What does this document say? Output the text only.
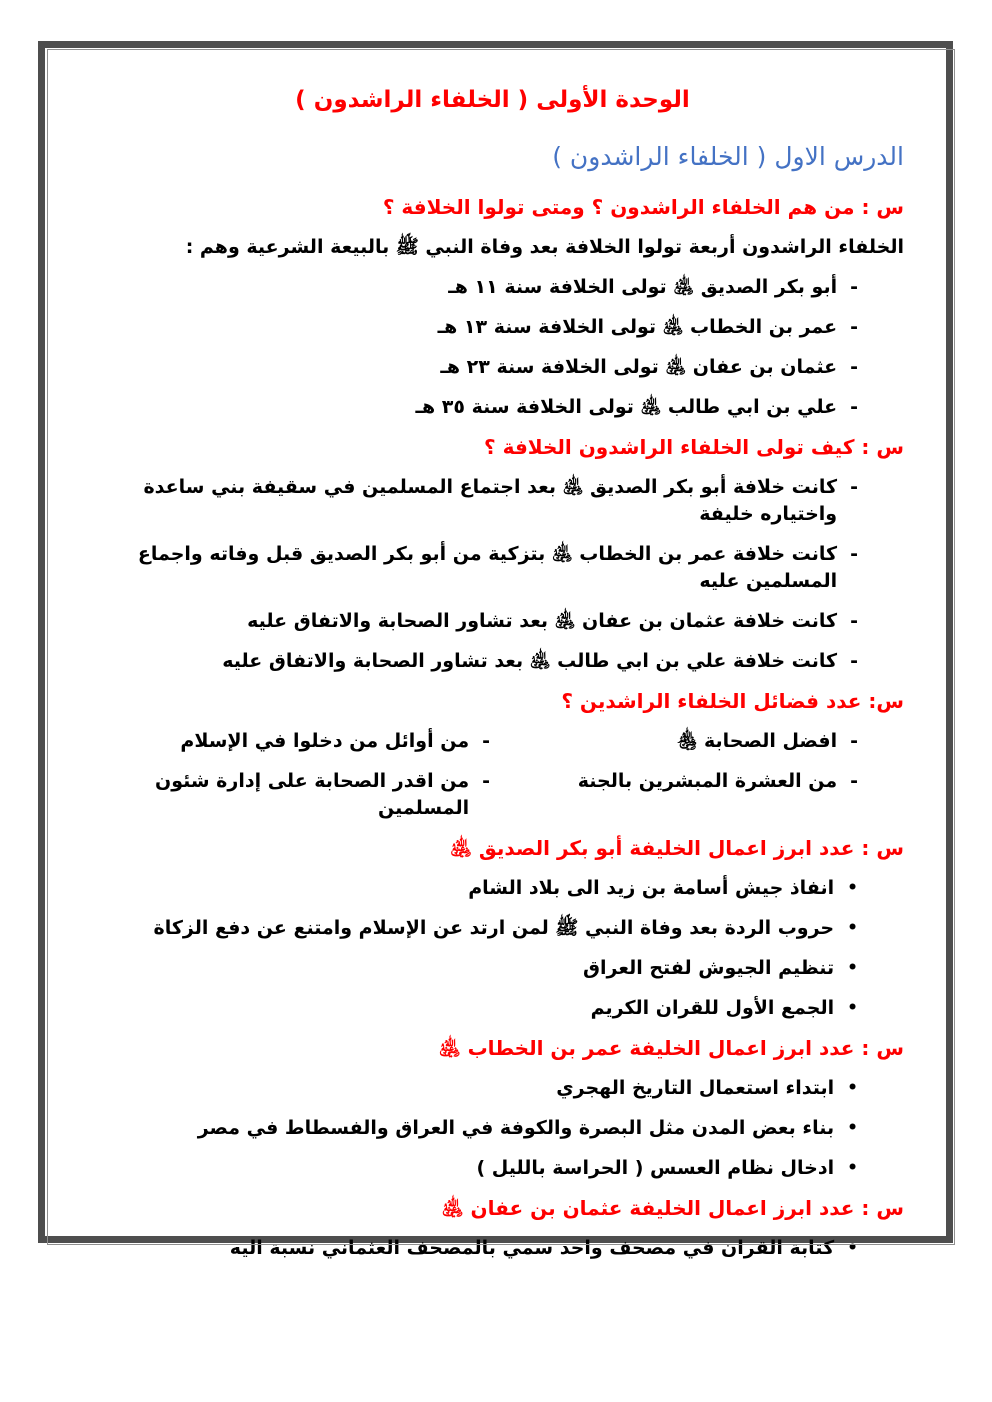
الوحدة الأولى ( الخلفاء الراشدون )
الدرس الاول ( الخلفاء الراشدون )
س : من هم الخلفاء الراشدون ؟ ومتى تولوا الخلافة ؟
الخلفاء الراشدون أربعة تولوا الخلافة بعد وفاة النبي ﷺ بالبيعة الشرعية وهم :
-
أبو بكر الصديق ﵁ تولى الخلافة سنة ١١ هـ
-
عمر بن الخطاب ﵁ تولى الخلافة سنة ١٣ هـ
-
عثمان بن عفان ﵁ تولى الخلافة سنة ٢٣ هـ
-
علي بن ابي طالب ﵁ تولى الخلافة سنة ٣٥ هـ
س : كيف تولى الخلفاء الراشدون الخلافة ؟
-
كانت خلافة أبو بكر الصديق ﵁ بعد اجتماع المسلمين في سقيفة بني ساعدة واختياره خليفة
-
كانت خلافة عمر بن الخطاب ﵁ بتزكية من أبو بكر الصديق قبل وفاته واجماع المسلمين عليه
-
كانت خلافة عثمان بن عفان ﵁ بعد تشاور الصحابة والاتفاق عليه
-
كانت خلافة علي بن ابي طالب ﵁ بعد تشاور الصحابة والاتفاق عليه
س: عدد فضائل الخلفاء الراشدين ؟
-
افضل الصحابة ﵃
-
من أوائل من دخلوا في الإسلام
-
من العشرة المبشرين بالجنة
-
من اقدر الصحابة على إدارة شئون المسلمين
س : عدد ابرز اعمال الخليفة أبو بكر الصديق ﵁
•
انفاذ جيش أسامة بن زيد الى بلاد الشام
•
حروب الردة بعد وفاة النبي ﷺ لمن ارتد عن الإسلام وامتنع عن دفع الزكاة
•
تنظيم الجيوش لفتح العراق
•
الجمع الأول للقران الكريم
س : عدد ابرز اعمال الخليفة عمر بن الخطاب ﵁
•
ابتداء استعمال التاريخ الهجري
•
بناء بعض المدن مثل البصرة والكوفة في العراق والفسطاط في مصر
•
ادخال نظام العسس ( الحراسة بالليل )
س : عدد ابرز اعمال الخليفة عثمان بن عفان ﵁
•
كتابة القران في مصحف واحد سمي بالمصحف العثماني نسبة اليه
